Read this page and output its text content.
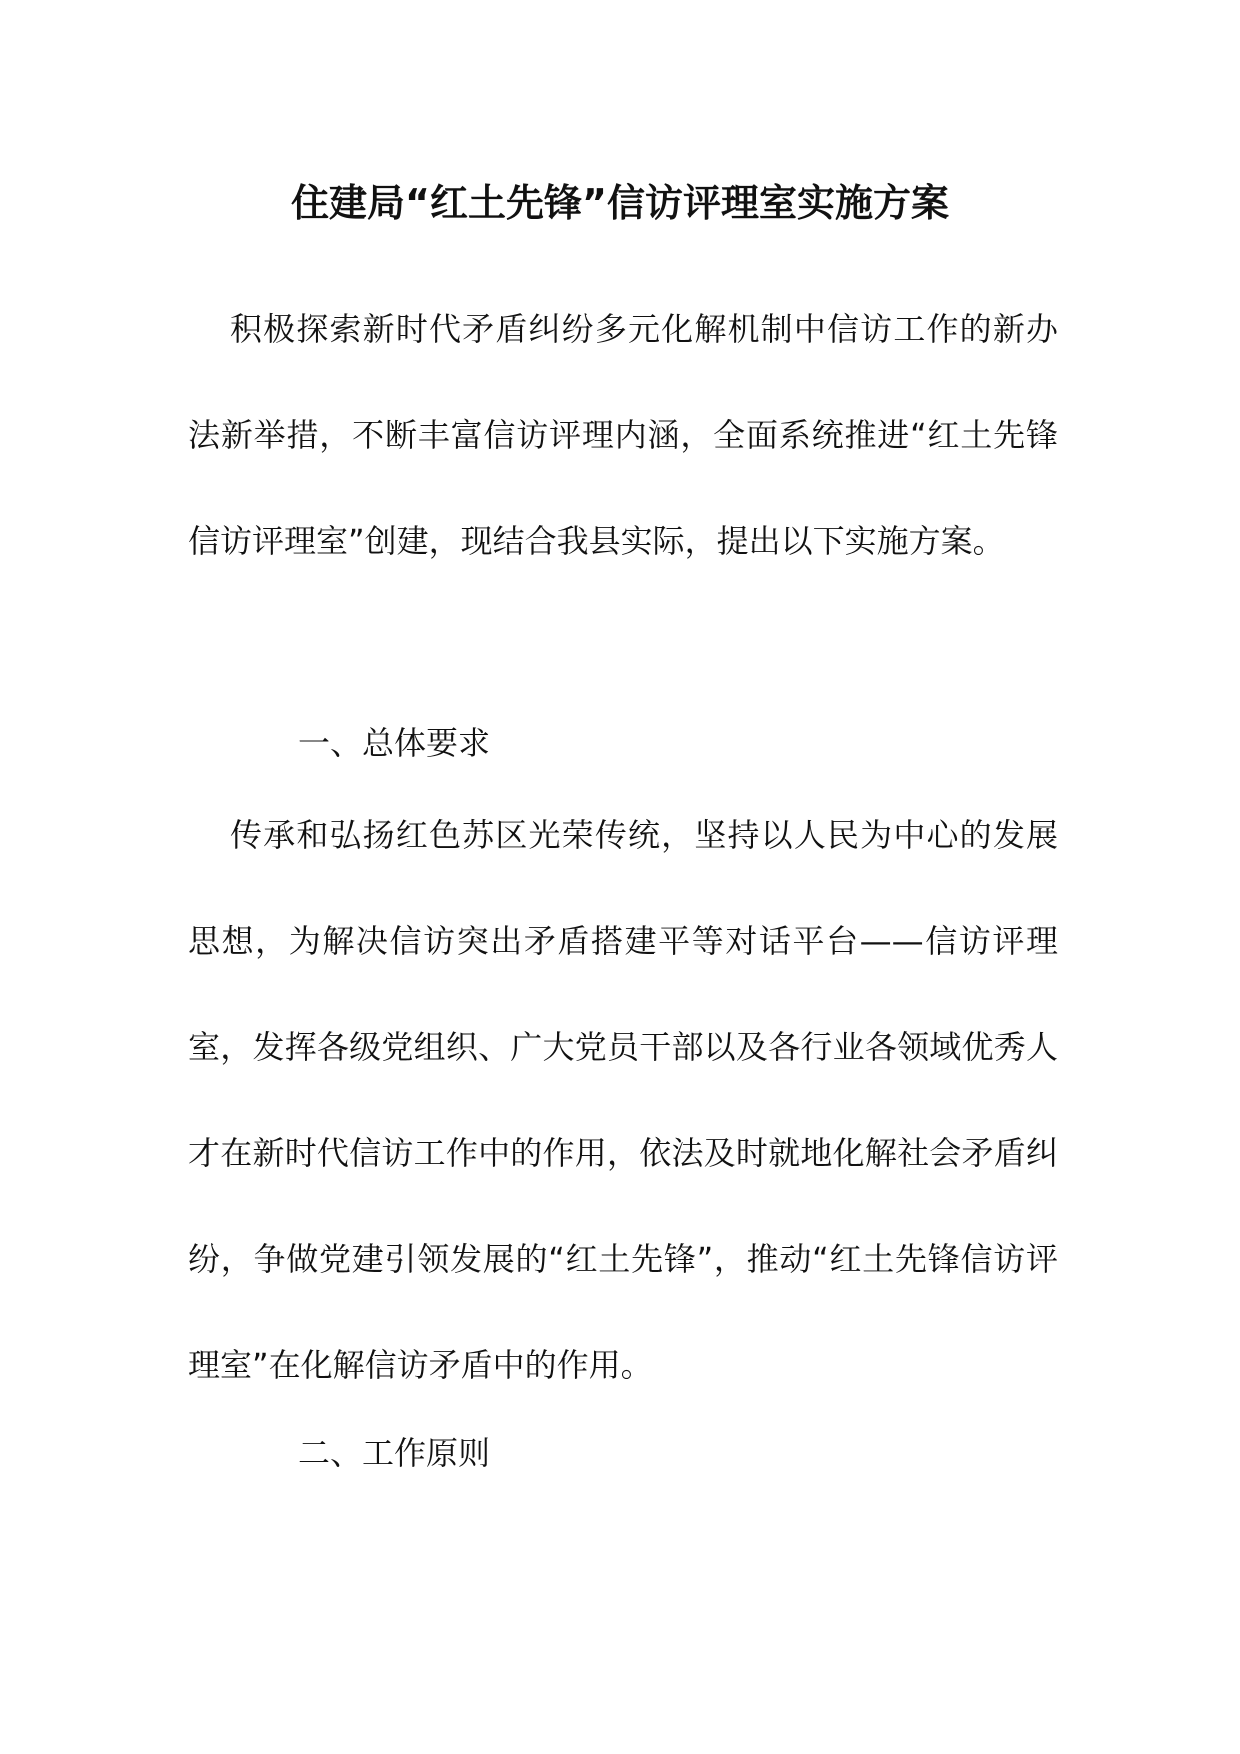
住建局“红土先锋”信访评理室实施方案

积极探索新时代矛盾纠纷多元化解机制中信访工作的新办法新举措，不断丰富信访评理内涵，全面系统推进“红土先锋信访评理室”创建，现结合我县实际，提出以下实施方案。

一、总体要求

传承和弘扬红色苏区光荣传统，坚持以人民为中心的发展思想，为解决信访突出矛盾搭建平等对话平台——信访评理室，发挥各级党组织、广大党员干部以及各行业各领域优秀人才在新时代信访工作中的作用，依法及时就地化解社会矛盾纠纷，争做党建引领发展的“红土先锋”，推动“红土先锋信访评理室”在化解信访矛盾中的作用。

二、工作原则
